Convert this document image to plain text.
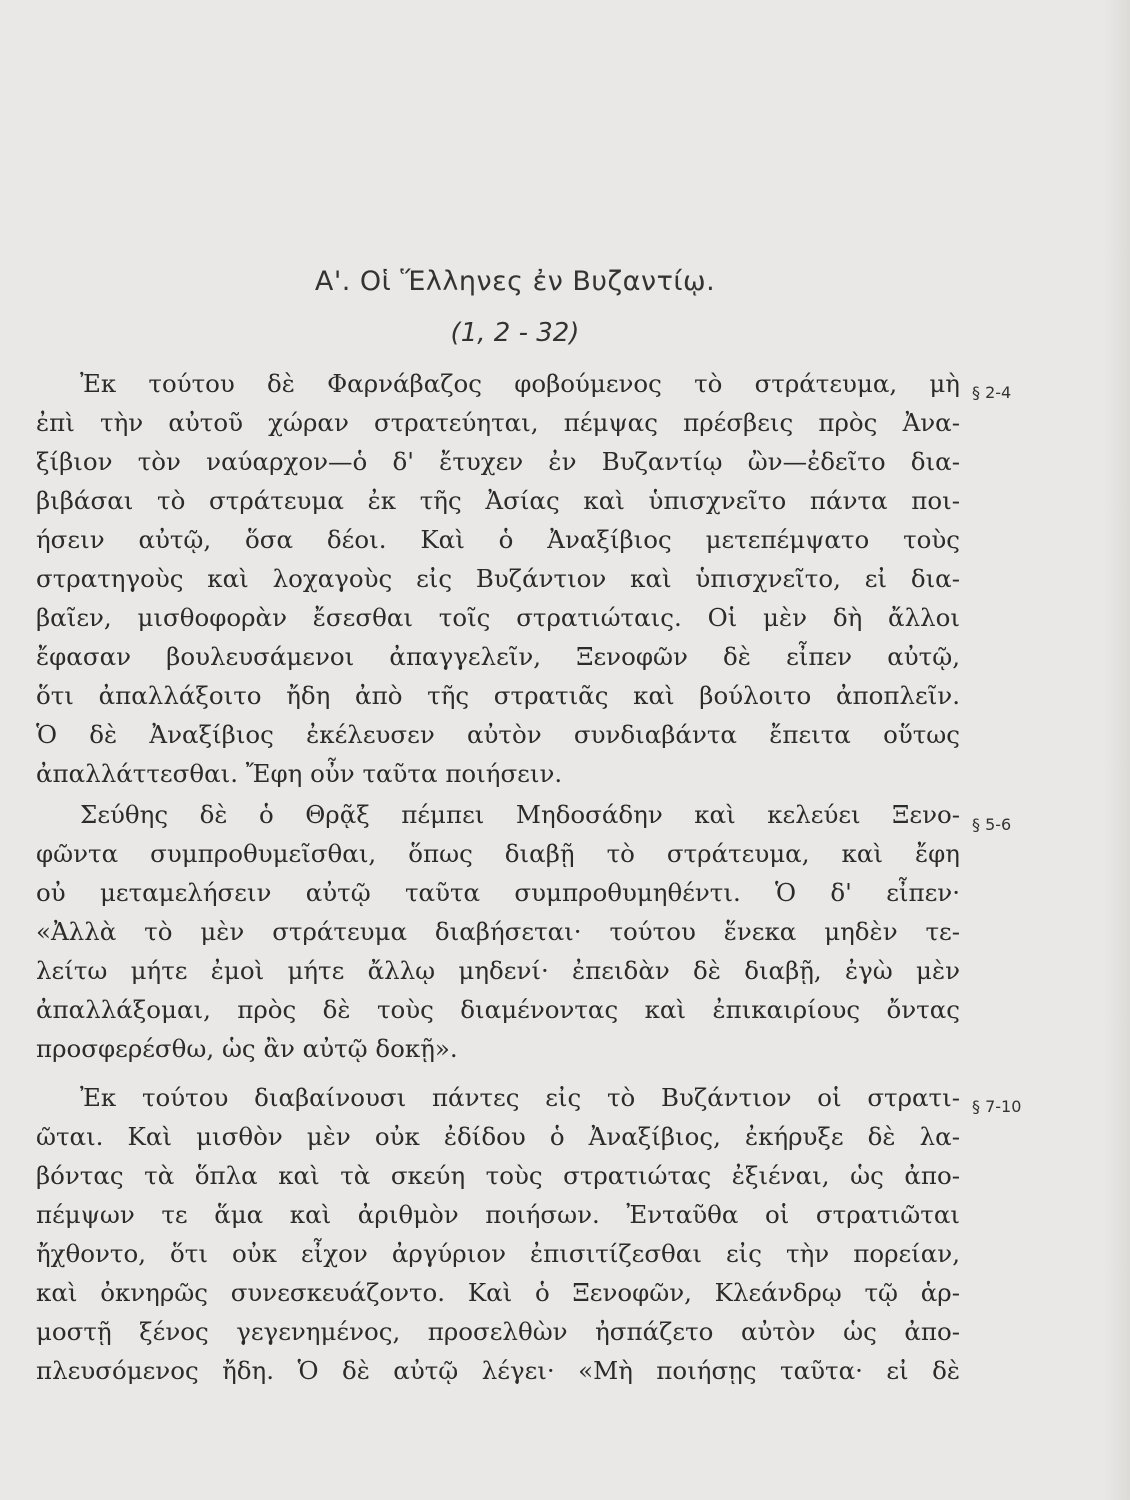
Α'. Οἱ Ἕλληνες ἐν Βυζαντίῳ.
(1, 2 - 32)
Ἐκ τούτου δὲ Φαρνάβαζος φοβούμενος τὸ στράτευμα, μὴ
ἐπὶ τὴν αὐτοῦ χώραν στρατεύηται, πέμψας πρέσβεις πρὸς Ἀνα-
ξίβιον τὸν ναύαρχον—ὁ δ' ἔτυχεν ἐν Βυζαντίῳ ὢν—ἐδεῖτο δια-
βιβάσαι τὸ στράτευμα ἐκ τῆς Ἀσίας καὶ ὑπισχνεῖτο πάντα ποι-
ήσειν αὐτῷ, ὅσα δέοι. Καὶ ὁ Ἀναξίβιος μετεπέμψατο τοὺς
στρατηγοὺς καὶ λοχαγοὺς εἰς Βυζάντιον καὶ ὑπισχνεῖτο, εἰ δια-
βαῖεν, μισθοφορὰν ἔσεσθαι τοῖς στρατιώταις. Οἱ μὲν δὴ ἄλλοι
ἔφασαν βουλευσάμενοι ἀπαγγελεῖν, Ξενοφῶν δὲ εἶπεν αὐτῷ,
ὅτι ἀπαλλάξοιτο ἤδη ἀπὸ τῆς στρατιᾶς καὶ βούλοιτο ἀποπλεῖν.
Ὁ δὲ Ἀναξίβιος ἐκέλευσεν αὐτὸν συνδιαβάντα ἔπειτα οὕτως
ἀπαλλάττεσθαι. Ἔφη οὖν ταῦτα ποιήσειν.
Σεύθης δὲ ὁ Θρᾷξ πέμπει Μηδοσάδην καὶ κελεύει Ξενο-
φῶντα συμπροθυμεῖσθαι, ὅπως διαβῇ τὸ στράτευμα, καὶ ἔφη
οὐ μεταμελήσειν αὐτῷ ταῦτα συμπροθυμηθέντι. Ὁ δ' εἶπεν·
«Ἀλλὰ τὸ μὲν στράτευμα διαβήσεται· τούτου ἕνεκα μηδὲν τε-
λείτω μήτε ἐμοὶ μήτε ἄλλῳ μηδενί· ἐπειδὰν δὲ διαβῇ, ἐγὼ μὲν
ἀπαλλάξομαι, πρὸς δὲ τοὺς διαμένοντας καὶ ἐπικαιρίους ὄντας
προσφερέσθω, ὡς ἂν αὐτῷ δοκῇ».
Ἐκ τούτου διαβαίνουσι πάντες εἰς τὸ Βυζάντιον οἱ στρατι-
ῶται. Καὶ μισθὸν μὲν οὐκ ἐδίδου ὁ Ἀναξίβιος, ἐκήρυξε δὲ λα-
βόντας τὰ ὅπλα καὶ τὰ σκεύη τοὺς στρατιώτας ἐξιέναι, ὡς ἀπο-
πέμψων τε ἅμα καὶ ἀριθμὸν ποιήσων. Ἐνταῦθα οἱ στρατιῶται
ἤχθοντο, ὅτι οὐκ εἶχον ἀργύριον ἐπισιτίζεσθαι εἰς τὴν πορείαν,
καὶ ὀκνηρῶς συνεσκευάζοντο. Καὶ ὁ Ξενοφῶν, Κλεάνδρῳ τῷ ἁρ-
μοστῇ ξένος γεγενημένος, προσελθὼν ἠσπάζετο αὐτὸν ὡς ἀπο-
πλευσόμενος ἤδη. Ὁ δὲ αὐτῷ λέγει· «Μὴ ποιήσῃς ταῦτα· εἰ δὲ
§ 2-4
§ 5-6
§ 7-10
